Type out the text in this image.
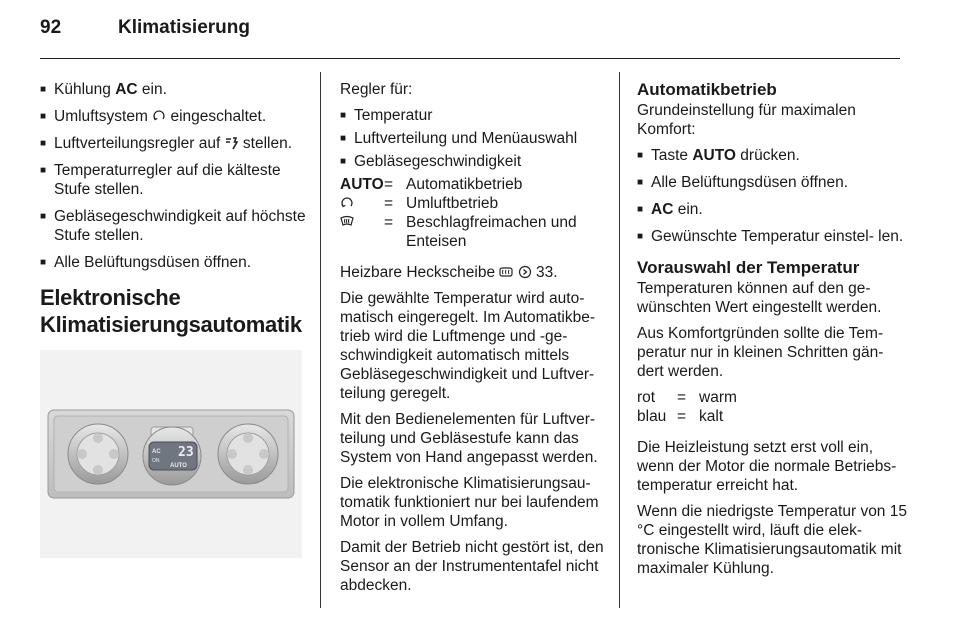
92	Klimatisierung
■ Kühlung AC ein.
■ Umluftsystem  eingeschaltet.
■ Luftverteilungsregler auf  stellen.
■ Temperaturregler auf die kälteste Stufe stellen.
■ Gebläsegeschwindigkeit auf höchste Stufe stellen.
■ Alle Belüftungsdüsen öffnen.
Elektronische
Klimatisierungsautomatik
23
AUTO
AC
ON

Regler für:

■ Temperatur
■ Luftverteilung und Menüauswahl
■ Gebläsegeschwindigkeit
AUTO	=	Automatikbetrieb
	=	Umluftbetrieb
	=	Beschlagfreimachen und Enteisen

Heizbare Heckscheibe   33.

Die gewählte Temperatur wird auto‑ matisch eingeregelt. Im Automatikbe‑ trieb wird die Luftmenge und ‑ge‑ schwindigkeit automatisch mittels Gebläsegeschwindigkeit und Luftver‑ teilung geregelt.

Mit den Bedienelementen für Luftver‑ teilung und Gebläsestufe kann das System von Hand angepasst werden.

Die elektronische Klimatisierungsau‑ tomatik funktioniert nur bei laufendem Motor in vollem Umfang.

Damit der Betrieb nicht gestört ist, den Sensor an der Instrumententafel nicht abdecken.

Automatikbetrieb

Grundeinstellung für maximalen Komfort:

■ Taste AUTO drücken.
■ Alle Belüftungsdüsen öffnen.
■ AC ein.
■ Gewünschte Temperatur einstel‑ len.
Vorauswahl der Temperatur

Temperaturen können auf den ge‑ wünschten Wert eingestellt werden.

Aus Komfortgründen sollte die Tem‑ peratur nur in kleinen Schritten gän‑ dert werden.

rot	=	warm
blau	=	kalt

Die Heizleistung setzt erst voll ein, wenn der Motor die normale Betriebs‑ temperatur erreicht hat.

Wenn die niedrigste Temperatur von 15 °C eingestellt wird, läuft die elek‑ tronische Klimatisierungsautomatik mit maximaler Kühlung.
